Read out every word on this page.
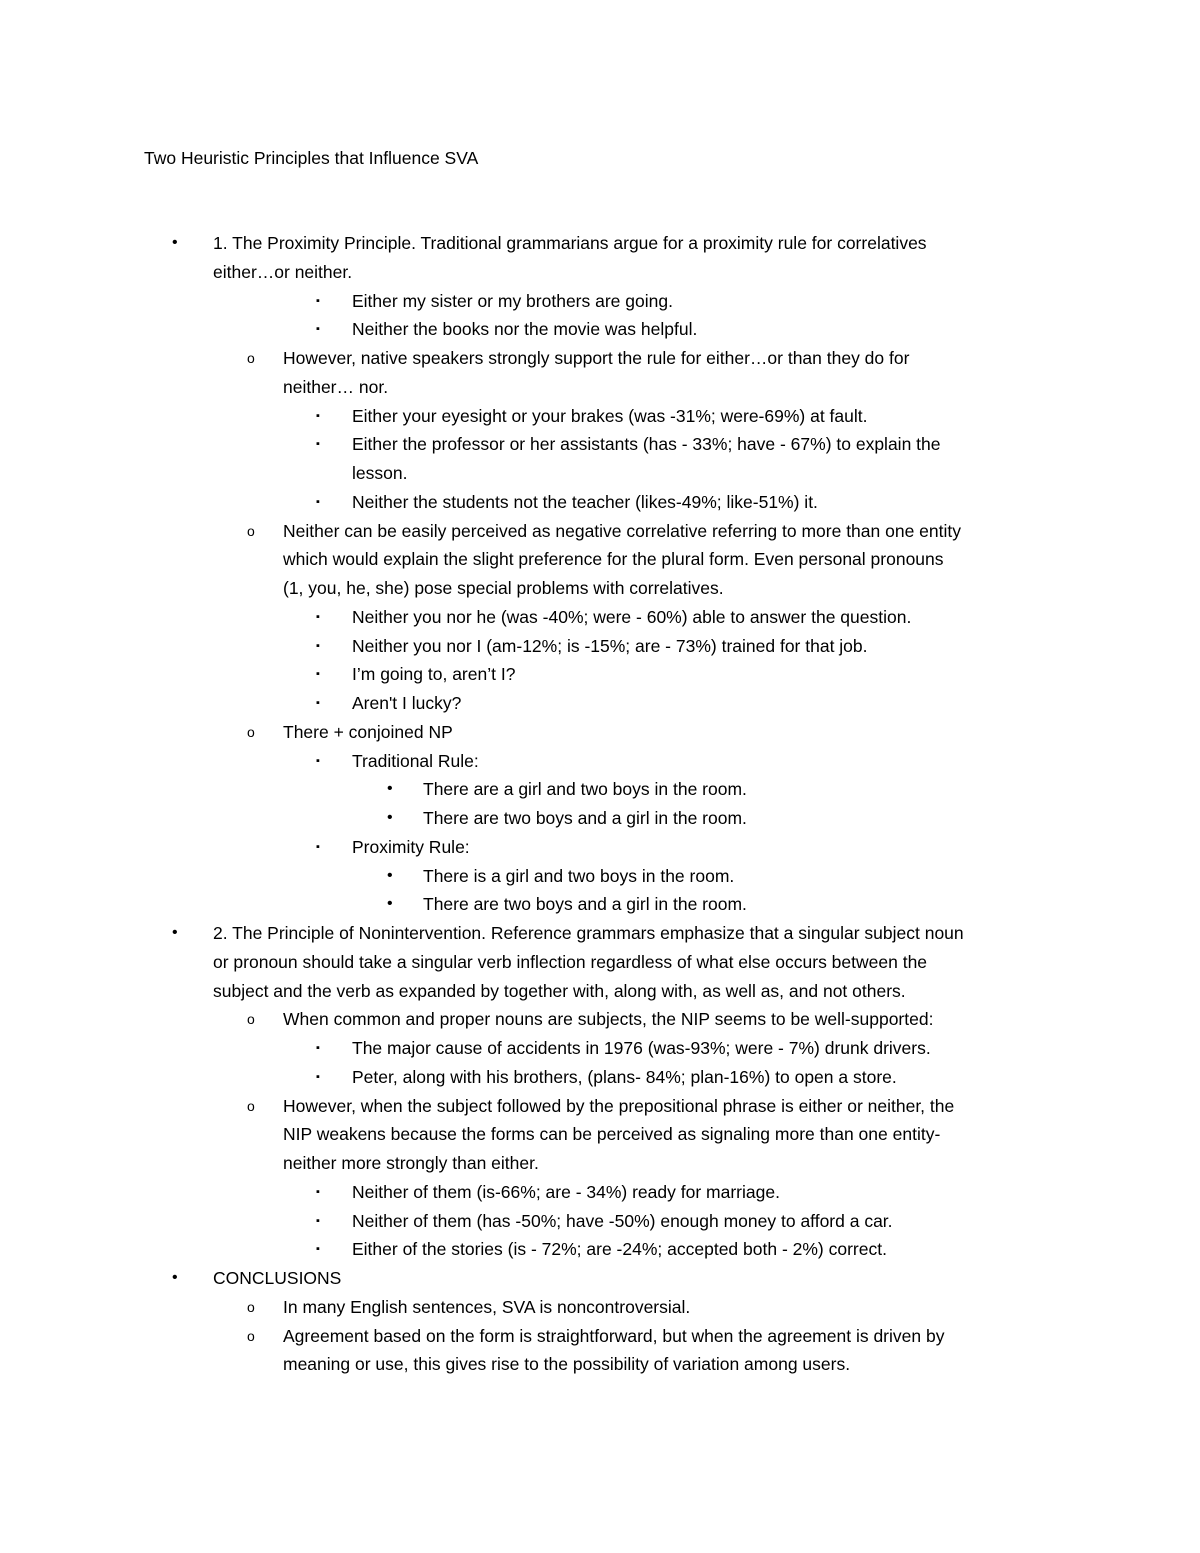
Two Heuristic Principles that Influence SVA
• 1. The Proximity Principle. Traditional grammarians argue for a proximity rule for correlatives
either…or neither.
▪ Either my sister or my brothers are going.
▪ Neither the books nor the movie was helpful.
o However, native speakers strongly support the rule for either…or than they do for
neither… nor.
▪ Either your eyesight or your brakes (was -31%; were-69%) at fault.
▪ Either the professor or her assistants (has - 33%; have - 67%) to explain the
lesson.
▪ Neither the students not the teacher (likes-49%; like-51%) it.
o Neither can be easily perceived as negative correlative referring to more than one entity
which would explain the slight preference for the plural form. Even personal pronouns
(1, you, he, she) pose special problems with correlatives.
▪ Neither you nor he (was -40%; were - 60%) able to answer the question.
▪ Neither you nor I (am-12%; is -15%; are - 73%) trained for that job.
▪ I’m going to, aren’t I?
▪ Aren't I lucky?
o There + conjoined NP
▪ Traditional Rule:
• There are a girl and two boys in the room.
• There are two boys and a girl in the room.
▪ Proximity Rule:
• There is a girl and two boys in the room.
• There are two boys and a girl in the room.
• 2. The Principle of Nonintervention. Reference grammars emphasize that a singular subject noun
or pronoun should take a singular verb inflection regardless of what else occurs between the
subject and the verb as expanded by together with, along with, as well as, and not others.
o When common and proper nouns are subjects, the NIP seems to be well-supported:
▪ The major cause of accidents in 1976 (was-93%; were - 7%) drunk drivers.
▪ Peter, along with his brothers, (plans- 84%; plan-16%) to open a store.
o However, when the subject followed by the prepositional phrase is either or neither, the
NIP weakens because the forms can be perceived as signaling more than one entity-
neither more strongly than either.
▪ Neither of them (is-66%; are - 34%) ready for marriage.
▪ Neither of them (has -50%; have -50%) enough money to afford a car.
▪ Either of the stories (is - 72%; are -24%; accepted both - 2%) correct.
• CONCLUSIONS
o In many English sentences, SVA is noncontroversial.
o Agreement based on the form is straightforward, but when the agreement is driven by
meaning or use, this gives rise to the possibility of variation among users.
